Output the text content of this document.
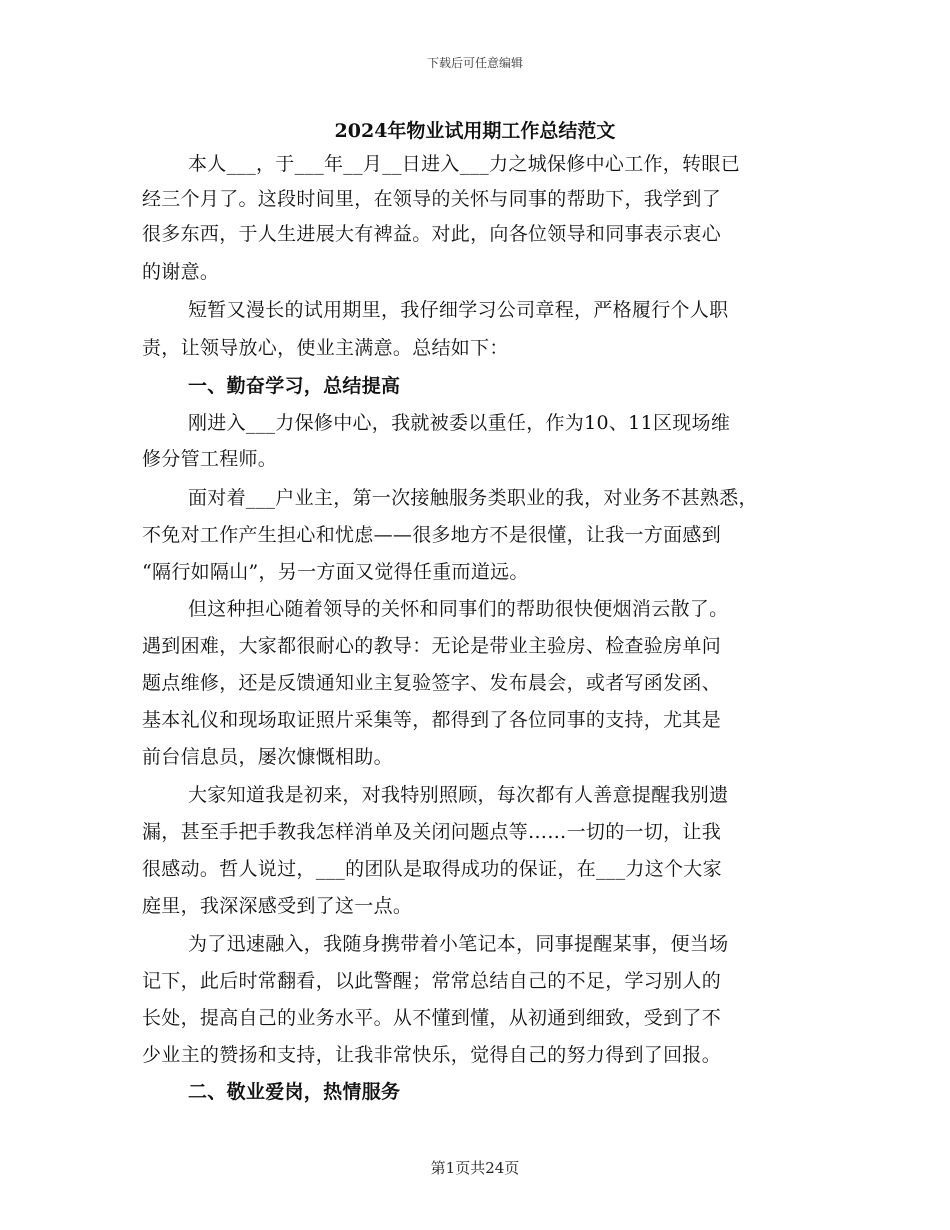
下载后可任意编辑
2024年物业试用期工作总结范文
本人___，于___年__月__日进入___力之城保修中心工作，转眼已
经三个月了。这段时间里，在领导的关怀与同事的帮助下，我学到了
很多东西，于人生进展大有裨益。对此，向各位领导和同事表示衷心
的谢意。
短暂又漫长的试用期里，我仔细学习公司章程，严格履行个人职
责，让领导放心，使业主满意。总结如下：
一、勤奋学习，总结提高
刚进入___力保修中心，我就被委以重任，作为10、11区现场维
修分管工程师。
面对着___户业主，第一次接触服务类职业的我，对业务不甚熟悉，
不免对工作产生担心和忧虑——很多地方不是很懂，让我一方面感到
“隔行如隔山”，另一方面又觉得任重而道远。
但这种担心随着领导的关怀和同事们的帮助很快便烟消云散了。
遇到困难，大家都很耐心的教导：无论是带业主验房、检查验房单问
题点维修，还是反馈通知业主复验签字、发布晨会，或者写函发函、
基本礼仪和现场取证照片采集等，都得到了各位同事的支持，尤其是
前台信息员，屡次慷慨相助。
大家知道我是初来，对我特别照顾，每次都有人善意提醒我别遗
漏，甚至手把手教我怎样消单及关闭问题点等……一切的一切，让我
很感动。哲人说过，___的团队是取得成功的保证，在___力这个大家
庭里，我深深感受到了这一点。
为了迅速融入，我随身携带着小笔记本，同事提醒某事，便当场
记下，此后时常翻看，以此警醒；常常总结自己的不足，学习别人的
长处，提高自己的业务水平。从不懂到懂，从初通到细致，受到了不
少业主的赞扬和支持，让我非常快乐，觉得自己的努力得到了回报。
二、敬业爱岗，热情服务
第1页共24页
